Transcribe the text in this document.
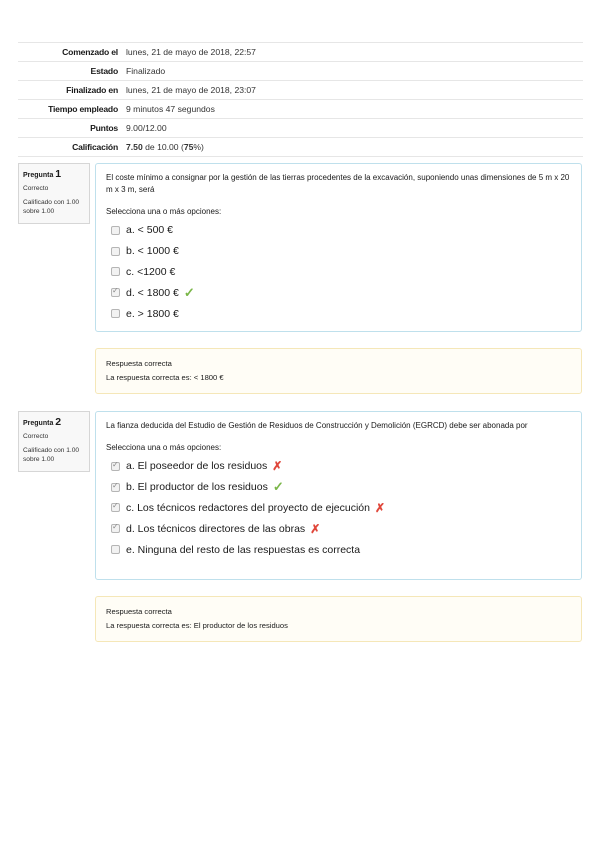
Comenzado el	lunes, 21 de mayo de 2018, 22:57
Estado	Finalizado
Finalizado en	lunes, 21 de mayo de 2018, 23:07
Tiempo empleado	9 minutos 47 segundos
Puntos	9.00/12.00
Calificación	7.50 de 10.00 (75%)
Pregunta 1
Correcto
Calificado con 1.00 sobre 1.00
El coste mínimo a consignar por la gestión de las tierras procedentes de la excavación, suponiendo unas dimensiones de 5 m x 20 m x 3 m, será
Selecciona una o más opciones:
a. < 500 €
b. < 1000 €
c. <1200 €
✓
d. < 1800 € ✓
e. > 1800 €
Respuesta correcta
La respuesta correcta es: < 1800 €
Pregunta 2
Correcto
Calificado con 1.00 sobre 1.00
La fianza deducida del Estudio de Gestión de Residuos de Construcción y Demolición (EGRCD) debe ser abonada por
Selecciona una o más opciones:
✓
a. El poseedor de los residuos ✗
✓
b. El productor de los residuos ✓
✓
c. Los técnicos redactores del proyecto de ejecución ✗
✓
d. Los técnicos directores de las obras ✗
e. Ninguna del resto de las respuestas es correcta
Respuesta correcta
La respuesta correcta es: El productor de los residuos
